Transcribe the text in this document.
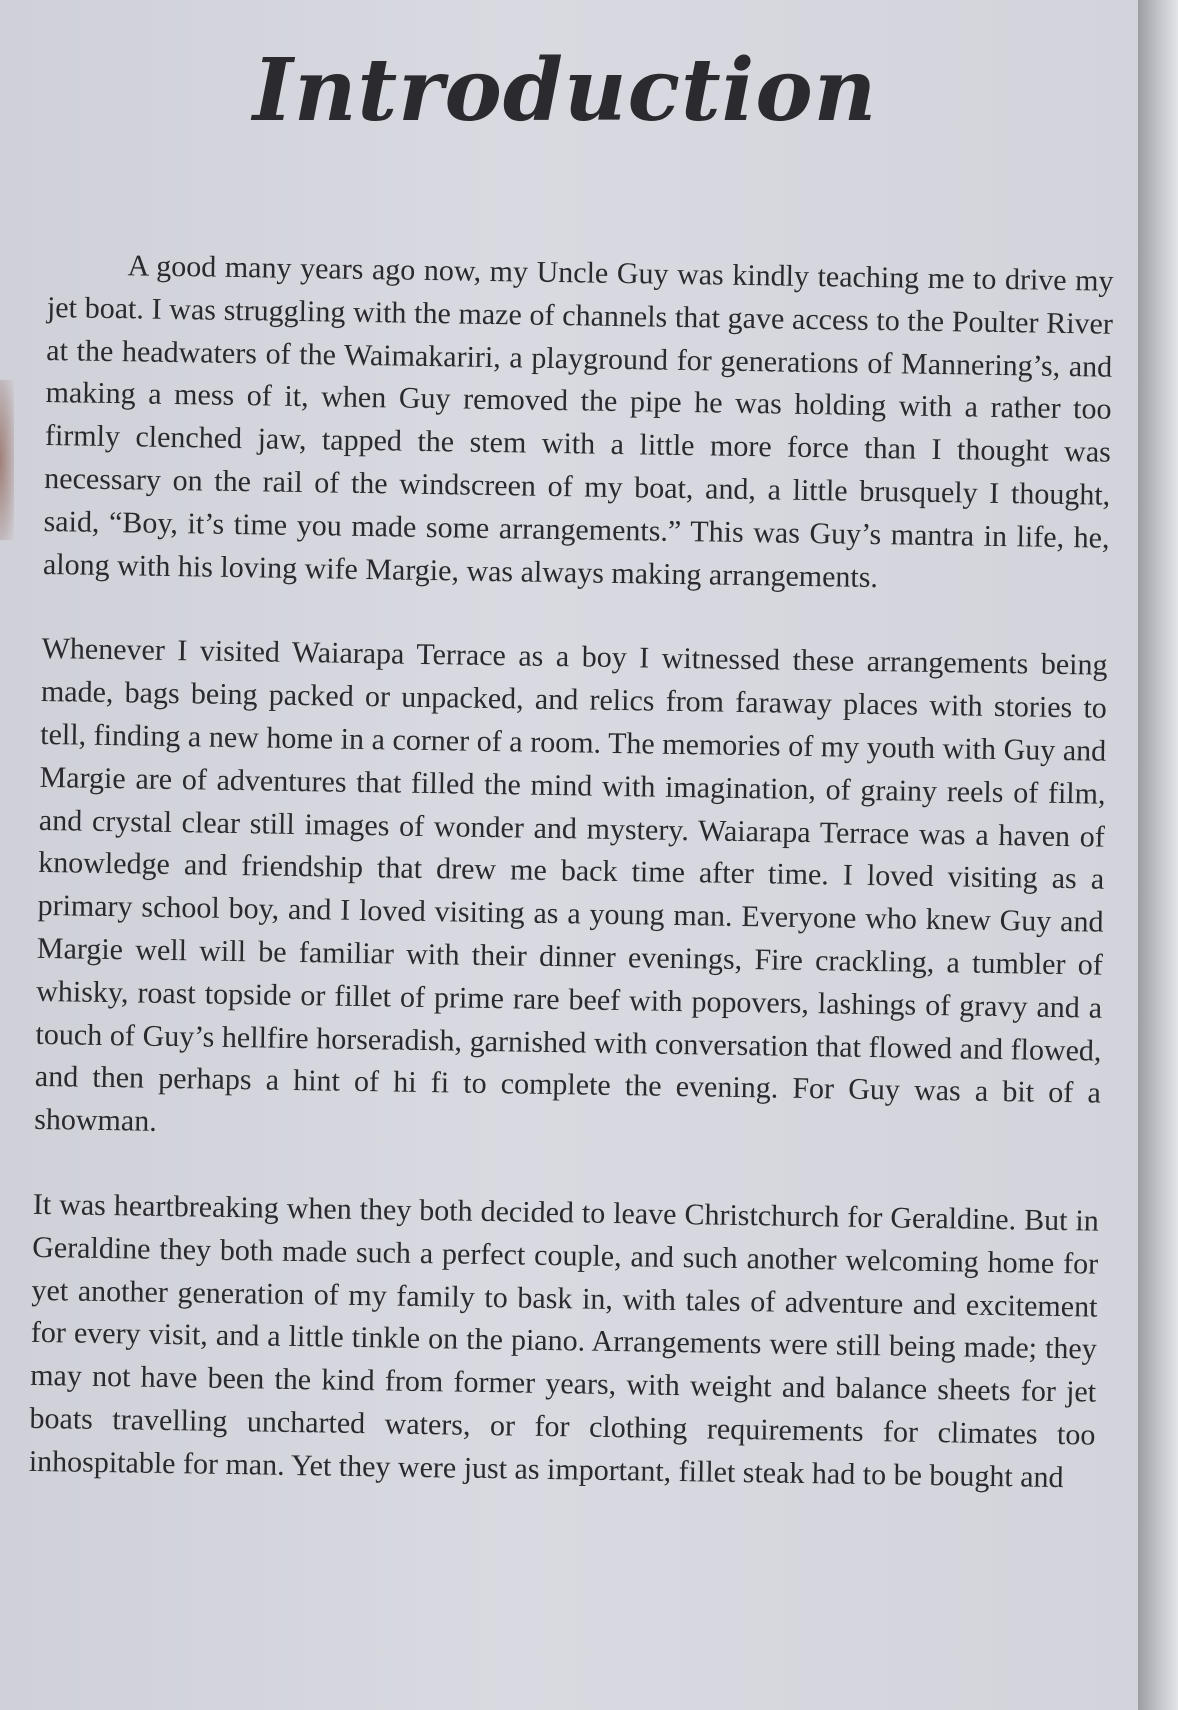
Introduction

A good many years ago now, my Uncle Guy was kindly teaching me to drive my jet boat. I was struggling with the maze of channels that gave access to the Poulter River at the headwaters of the Waimakariri, a playground for generations of Mannering’s, and making a mess of it, when Guy removed the pipe he was holding with a rather too firmly clenched jaw, tapped the stem with a little more force than I thought was necessary on the rail of the windscreen of my boat, and, a little brusquely I thought, said, “Boy, it’s time you made some arrangements.” This was Guy’s mantra in life, he, along with his loving wife Margie, was always making arrangements.

Whenever I visited Waiarapa Terrace as a boy I witnessed these arrangements being made, bags being packed or unpacked, and relics from faraway places with stories to tell, finding a new home in a corner of a room. The memories of my youth with Guy and Margie are of adventures that filled the mind with imagination, of grainy reels of film, and crystal clear still images of wonder and mystery. Waiarapa Terrace was a haven of knowledge and friendship that drew me back time after time. I loved visiting as a primary school boy, and I loved visiting as a young man. Everyone who knew Guy and Margie well will be familiar with their dinner evenings, Fire crackling, a tumbler of whisky, roast topside or fillet of prime rare beef with popovers, lashings of gravy and a touch of Guy’s hellfire horseradish, garnished with conversation that flowed and flowed, and then perhaps a hint of hi fi to complete the evening. For Guy was a bit of a showman.

It was heartbreaking when they both decided to leave Christchurch for Geraldine. But in Geraldine they both made such a perfect couple, and such another welcoming home for yet another generation of my family to bask in, with tales of adventure and excitement for every visit, and a little tinkle on the piano. Arrangements were still being made; they may not have been the kind from former years, with weight and balance sheets for jet boats travelling uncharted waters, or for clothing requirements for climates too inhospitable for man. Yet they were just as important, fillet steak had to be bought and
